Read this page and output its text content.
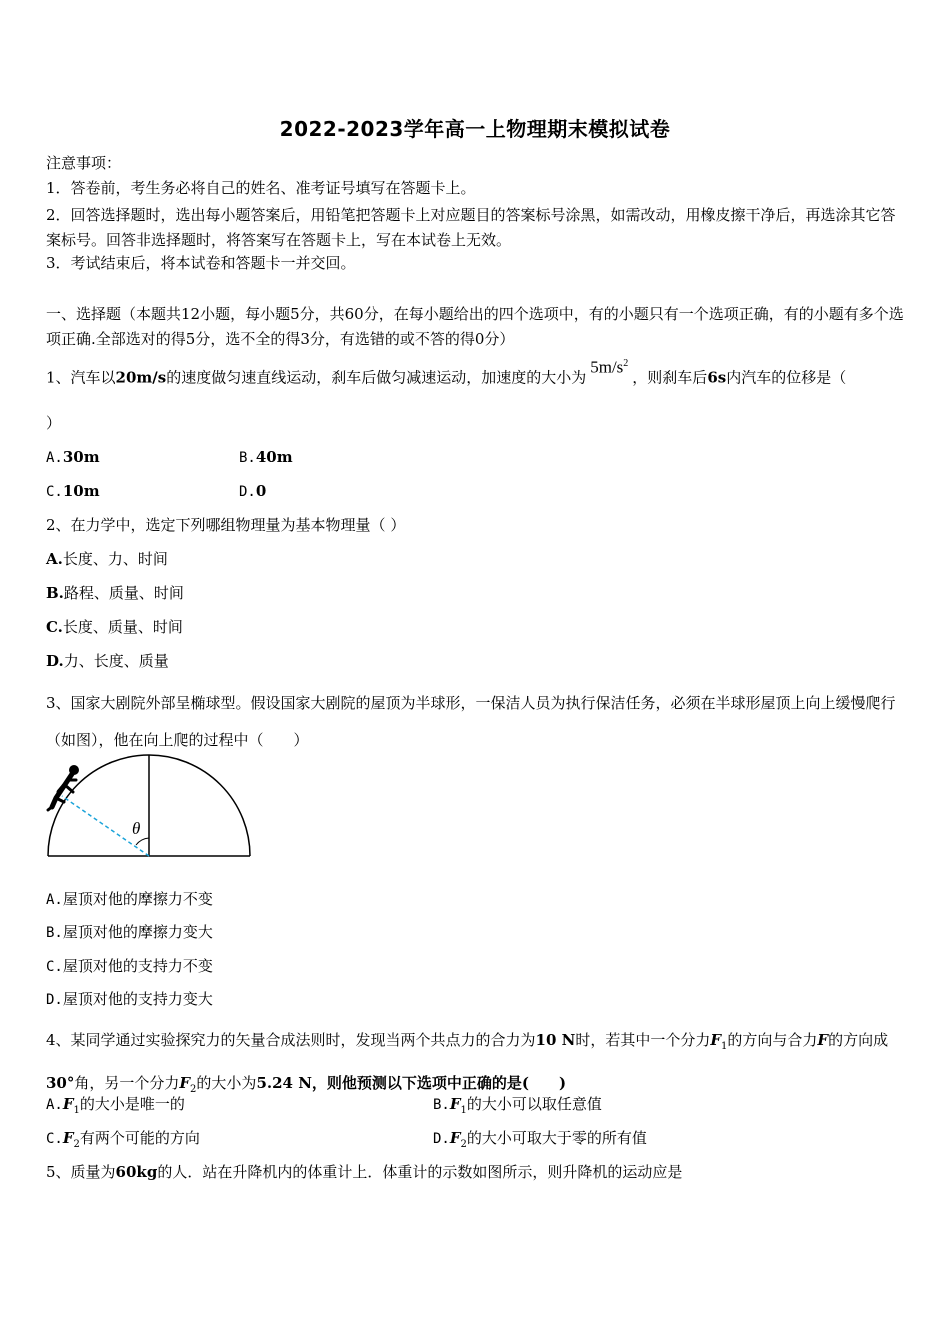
2022-2023学年高一上物理期末模拟试卷
注意事项：
1．答卷前，考生务必将自己的姓名、准考证号填写在答题卡上。
2．回答选择题时，选出每小题答案后，用铅笔把答题卡上对应题目的答案标号涂黑，如需改动，用橡皮擦干净后，再选涂其它答案标号。回答非选择题时，将答案写在答题卡上，写在本试卷上无效。
3．考试结束后，将本试卷和答题卡一并交回。
一、选择题（本题共12小题，每小题5分，共60分，在每小题给出的四个选项中，有的小题只有一个选项正确，有的小题有多个选项正确.全部选对的得5分，选不全的得3分，有选错的或不答的得0分）
1、汽车以20m/s的速度做匀速直线运动，刹车后做匀减速运动，加速度的大小为$5m/s^2$，则刹车后6s内汽车的位移是（
）
A.30m	B.40m
C.10m	D.0
2、在力学中，选定下列哪组物理量为基本物理量（ ）
A.长度、力、时间
B.路程、质量、时间
C.长度、质量、时间
D.力、长度、质量
3、国家大剧院外部呈椭球型。假设国家大剧院的屋顶为半球形，一保洁人员为执行保洁任务，必须在半球形屋顶上向上缓慢爬行（如图），他在向上爬的过程中（　　）
θ
A.屋顶对他的摩擦力不变
B.屋顶对他的摩擦力变大
C.屋顶对他的支持力不变
D.屋顶对他的支持力变大
4、某同学通过实验探究力的矢量合成法则时，发现当两个共点力的合力为10 N时，若其中一个分力$F_1$的方向与合力F的方向成30°角，另一个分力$F_2$的大小为5.24 N，则他预测以下选项中正确的是(　　)
$A.F_1$的大小是唯一的	$B.F_1$的大小可以取任意值
$C.F_2$有两个可能的方向	$D.F_2$的大小可取大于零的所有值
5、质量为60kg的人．站在升降机内的体重计上．体重计的示数如图所示，则升降机的运动应是
